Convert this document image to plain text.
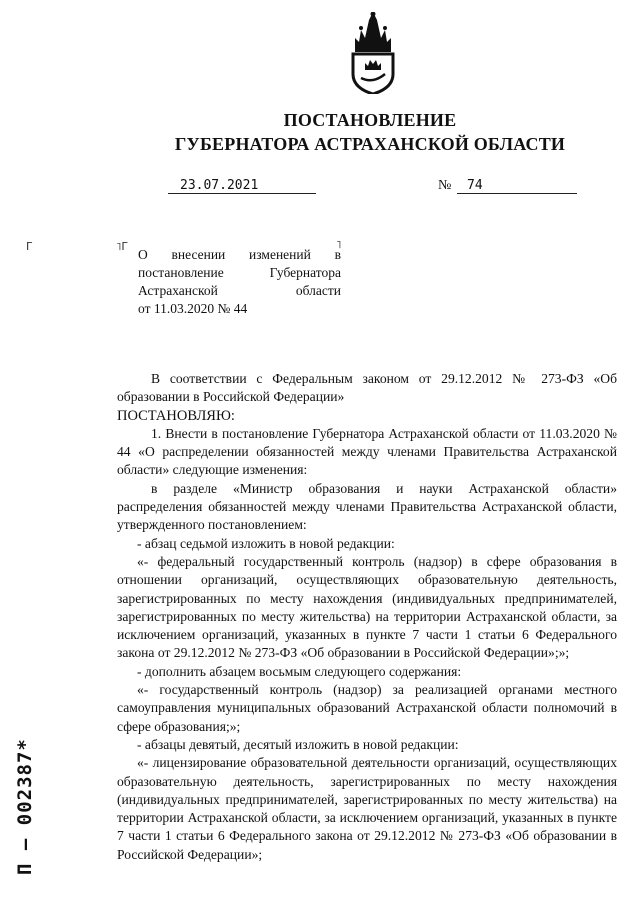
ПОСТАНОВЛЕНИЕ
ГУБЕРНАТОРА АСТРАХАНСКОЙ ОБЛАСТИ
23.07.2021	№	74
Г	˥Г	˥
О внесении изменений в
постановление Губернатора
Астраханской области
от 11.03.2020 № 44

В соответствии с Федеральным законом от 29.12.2012 № 273-ФЗ «Об образовании в Российской Федерации»

ПОСТАНОВЛЯЮ:

1. Внести в постановление Губернатора Астраханской области от 11.03.2020 № 44 «О распределении обязанностей между членами Правительства Астраханской области» следующие изменения:

в разделе «Министр образования и науки Астраханской области» распределения обязанностей между членами Правительства Астраханской области, утвержденного постановлением:

- абзац седьмой изложить в новой редакции:

«- федеральный государственный контроль (надзор) в сфере образования в отношении организаций, осуществляющих образовательную деятельность, зарегистрированных по месту нахождения (индивидуальных предпринимателей, зарегистрированных по месту жительства) на территории Астраханской области, за исключением организаций, указанных в пункте 7 части 1 статьи 6 Федерального закона от 29.12.2012 № 273-ФЗ «Об образовании в Российской Федерации»;»;

- дополнить абзацем восьмым следующего содержания:

«- государственный контроль (надзор) за реализацией органами местного самоуправления муниципальных образований Астраханской области полномочий в сфере образования;»;

- абзацы девятый, десятый изложить в новой редакции:

«- лицензирование образовательной деятельности организаций, осуществляющих образовательную деятельность, зарегистрированных по месту нахождения (индивидуальных предпринимателей, зарегистрированных по месту жительства) на территории Астраханской области, за исключением организаций, указанных в пункте 7 части 1 статьи 6 Федерального закона от 29.12.2012 № 273-ФЗ «Об образовании в Российской Федерации»;

П – 002387*
